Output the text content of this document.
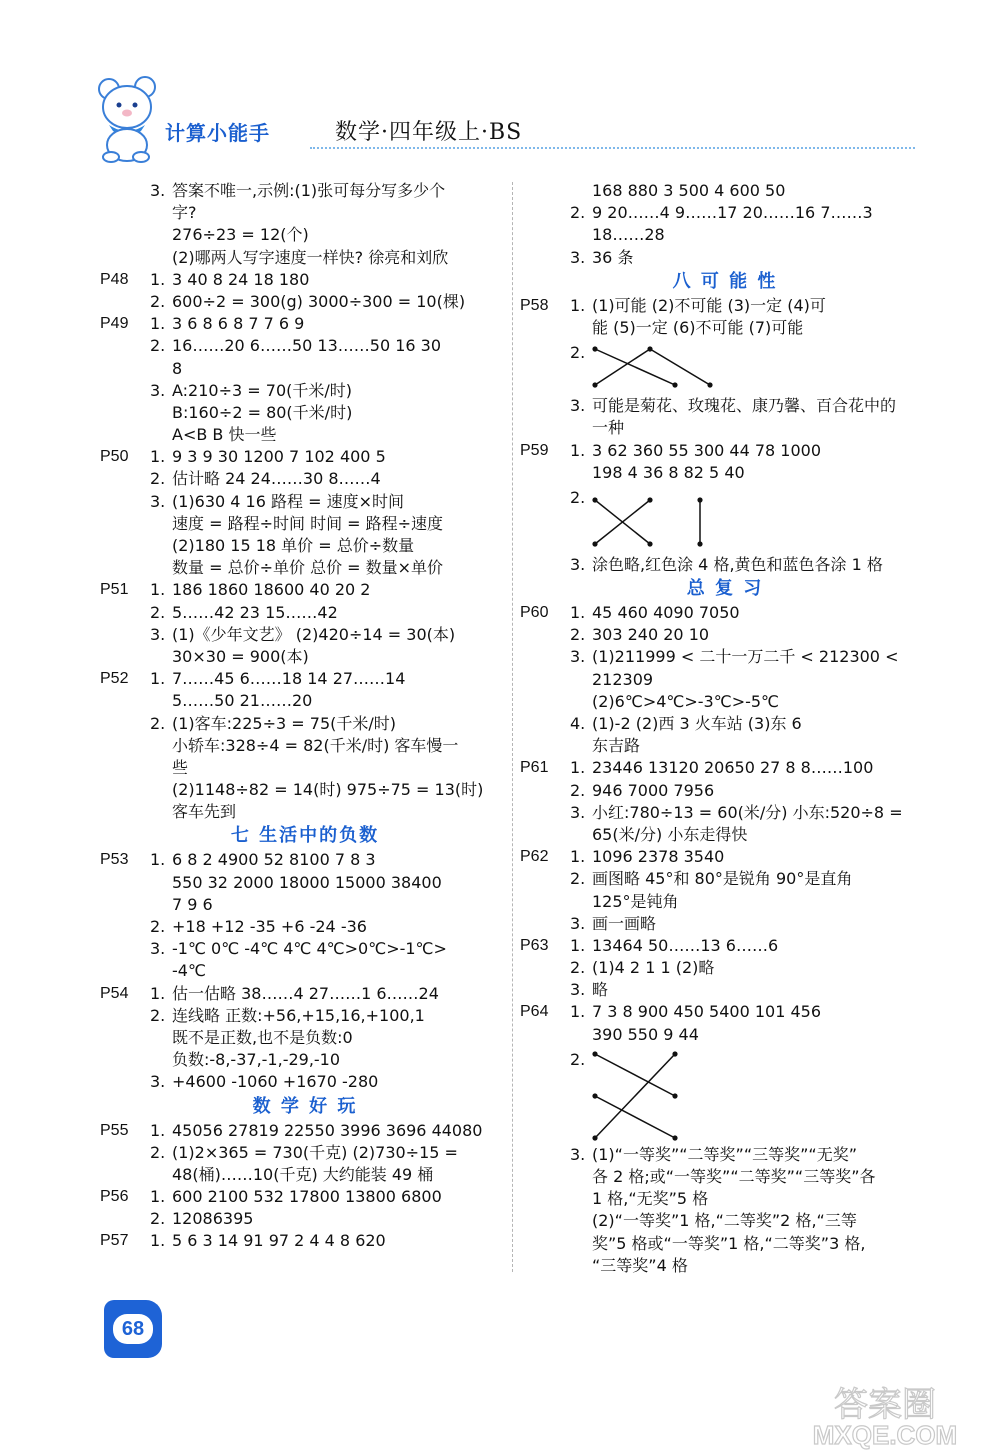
计算小能手	数学·四年级上·BS
3. 答案不唯一,示例:(1)张可每分写多少个
字?
276÷23 = 12(个)
(2)哪两人写字速度一样快? 徐亮和刘欣
P48 1. 3 40 8 24 18 180
2. 600÷2 = 300(g) 3000÷300 = 10(棵)
P49 1. 3 6 8 6 8 7 7 6 9
2. 16……20 6……50 13……50 16 30
8
3. A:210÷3 = 70(千米/时)
B:160÷2 = 80(千米/时)
A<B B 快一些
P50 1. 9 3 9 30 1200 7 102 400 5
2. 估计略 24 24……30 8……4
3. (1)630 4 16 路程 = 速度×时间
速度 = 路程÷时间 时间 = 路程÷速度
(2)180 15 18 单价 = 总价÷数量
数量 = 总价÷单价 总价 = 数量×单价
P51 1. 186 1860 18600 40 20 2
2. 5……42 23 15……42
3. (1)《少年文艺》 (2)420÷14 = 30(本)
30×30 = 900(本)
P52 1. 7……45 6……18 14 27……14
5……50 21……20
2. (1)客车:225÷3 = 75(千米/时)
小轿车:328÷4 = 82(千米/时) 客车慢一
些
(2)1148÷82 = 14(时) 975÷75 = 13(时)
客车先到
七 生活中的负数
P53 1. 6 8 2 4900 52 8100 7 8 3
550 32 2000 18000 15000 38400
7 9 6
2. +18 +12 -35 +6 -24 -36
3. -1℃ 0℃ -4℃ 4℃ 4℃>0℃>-1℃>
-4℃
P54 1. 估一估略 38……4 27……1 6……24
2. 连线略 正数:+56,+15,16,+100,1
既不是正数,也不是负数:0
负数:-8,-37,-1,-29,-10
3. +4600 -1060 +1670 -280
数 学 好 玩
P55 1. 45056 27819 22550 3996 3696 44080
2. (1)2×365 = 730(千克) (2)730÷15 =
48(桶)……10(千克) 大约能装 49 桶
P56 1. 600 2100 532 17800 13800 6800
2. 12086395
P57 1. 5 6 3 14 91 97 2 4 4 8 620
168 880 3 500 4 600 50
2. 9 20……4 9……17 20……16 7……3
18……28
3. 36 条
八 可 能 性
P58 1. (1)可能 (2)不可能 (3)一定 (4)可
能 (5)一定 (6)不可能 (7)可能
2.
3. 可能是菊花、玫瑰花、康乃馨、百合花中的
一种
P59 1. 3 62 360 55 300 44 78 1000
198 4 36 8 82 5 40
2.
3. 涂色略,红色涂 4 格,黄色和蓝色各涂 1 格
总 复 习
P60 1. 45 460 4090 7050
2. 303 240 20 10
3. (1)211999 < 二十一万二千 < 212300 <
212309
(2)6℃>4℃>-3℃>-5℃
4. (1)-2 (2)西 3 火车站 (3)东 6
东吉路
P61 1. 23446 13120 20650 27 8 8……100
2. 946 7000 7956
3. 小红:780÷13 = 60(米/分) 小东:520÷8 =
65(米/分) 小东走得快
P62 1. 1096 2378 3540
2. 画图略 45°和 80°是锐角 90°是直角
125°是钝角
3. 画一画略
P63 1. 13464 50……13 6……6
2. (1)4 2 1 1 (2)略
3. 略
P64 1. 7 3 8 900 450 5400 101 456
390 550 9 44
2.
3. (1)“一等奖”“二等奖”“三等奖”“无奖”
各 2 格;或“一等奖”“二等奖”“三等奖”各
1 格,“无奖”5 格
(2)“一等奖”1 格,“二等奖”2 格,“三等
奖”5 格或“一等奖”1 格,“二等奖”3 格,
“三等奖”4 格
68
答案圈
MXQE.COM
